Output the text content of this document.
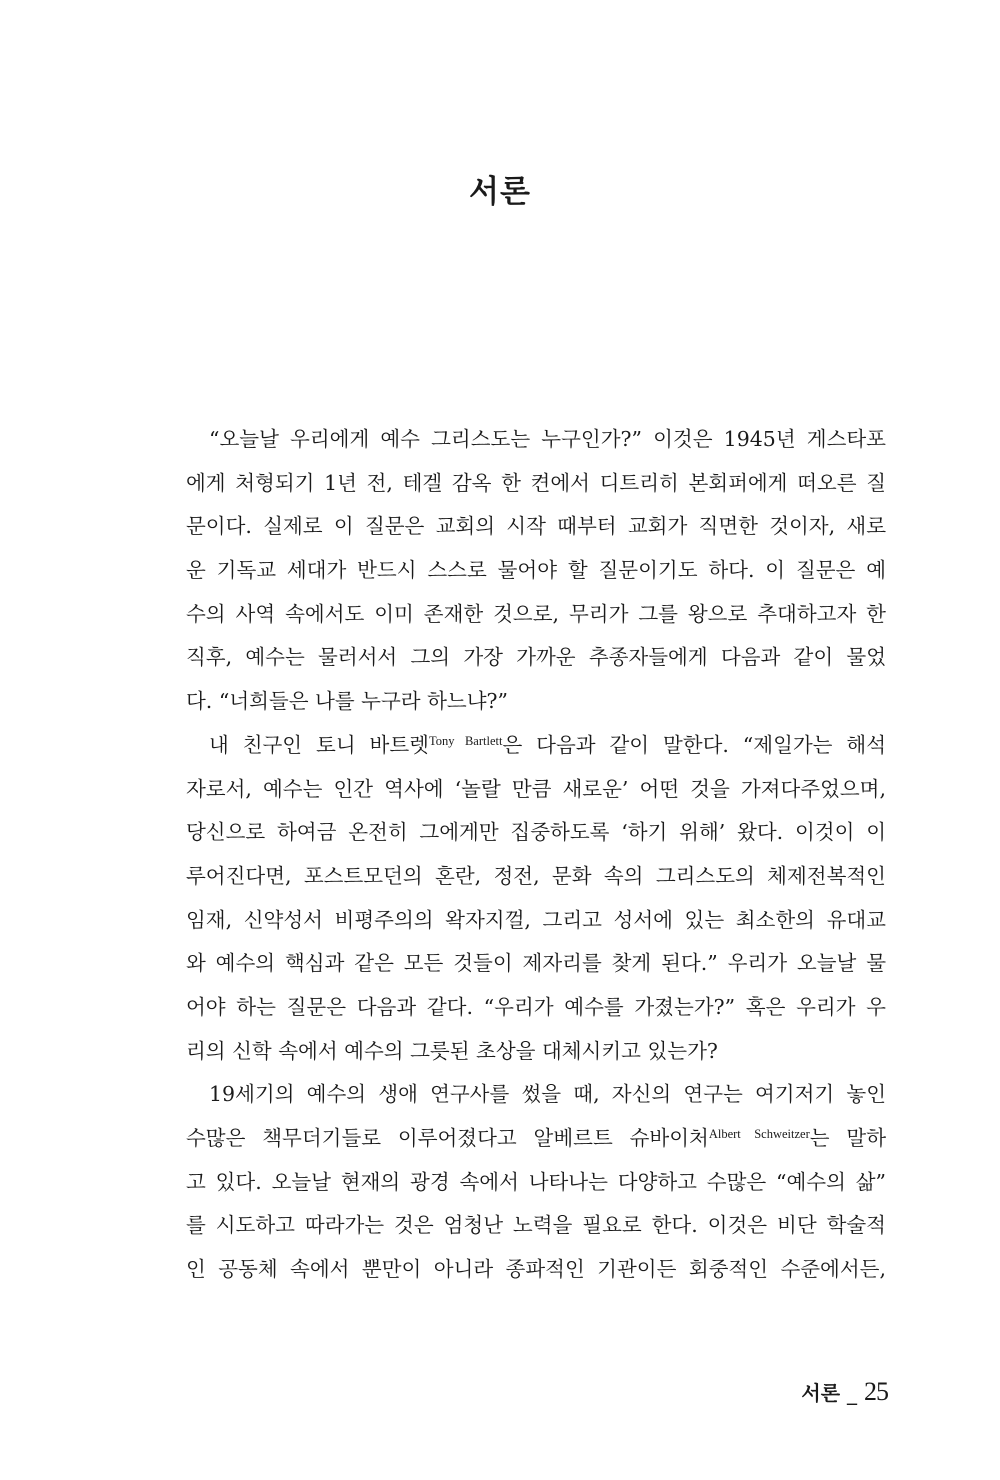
서론
“오늘날 우리에게 예수 그리스도는 누구인가?” 이것은 1945년 게스타포
에게 처형되기 1년 전, 테겔 감옥 한 켠에서 디트리히 본회퍼에게 떠오른 질
문이다. 실제로 이 질문은 교회의 시작 때부터 교회가 직면한 것이자, 새로
운 기독교 세대가 반드시 스스로 물어야 할 질문이기도 하다. 이 질문은 예
수의 사역 속에서도 이미 존재한 것으로, 무리가 그를 왕으로 추대하고자 한
직후, 예수는 물러서서 그의 가장 가까운 추종자들에게 다음과 같이 물었
다. “너희들은 나를 누구라 하느냐?”
내 친구인 토니 바트렛$^{Tony Bartlett}$은 다음과 같이 말한다. “제일가는 해석
자로서, 예수는 인간 역사에 ‘놀랄 만큼 새로운’ 어떤 것을 가져다주었으며,
당신으로 하여금 온전히 그에게만 집중하도록 ‘하기 위해’ 왔다. 이것이 이
루어진다면, 포스트모던의 혼란, 정전, 문화 속의 그리스도의 체제전복적인
임재, 신약성서 비평주의의 왁자지껄, 그리고 성서에 있는 최소한의 유대교
와 예수의 핵심과 같은 모든 것들이 제자리를 찾게 된다.” 우리가 오늘날 물
어야 하는 질문은 다음과 같다. “우리가 예수를 가졌는가?” 혹은 우리가 우
리의 신학 속에서 예수의 그릇된 초상을 대체시키고 있는가?
19세기의 예수의 생애 연구사를 썼을 때, 자신의 연구는 여기저기 놓인
수많은 책무더기들로 이루어졌다고 알베르트 슈바이처$^{Albert Schweitzer}$는 말하
고 있다. 오늘날 현재의 광경 속에서 나타나는 다양하고 수많은 “예수의 삶”
를 시도하고 따라가는 것은 엄청난 노력을 필요로 한다. 이것은 비단 학술적
인 공동체 속에서 뿐만이 아니라 종파적인 기관이든 회중적인 수준에서든,
서론 _ 25
